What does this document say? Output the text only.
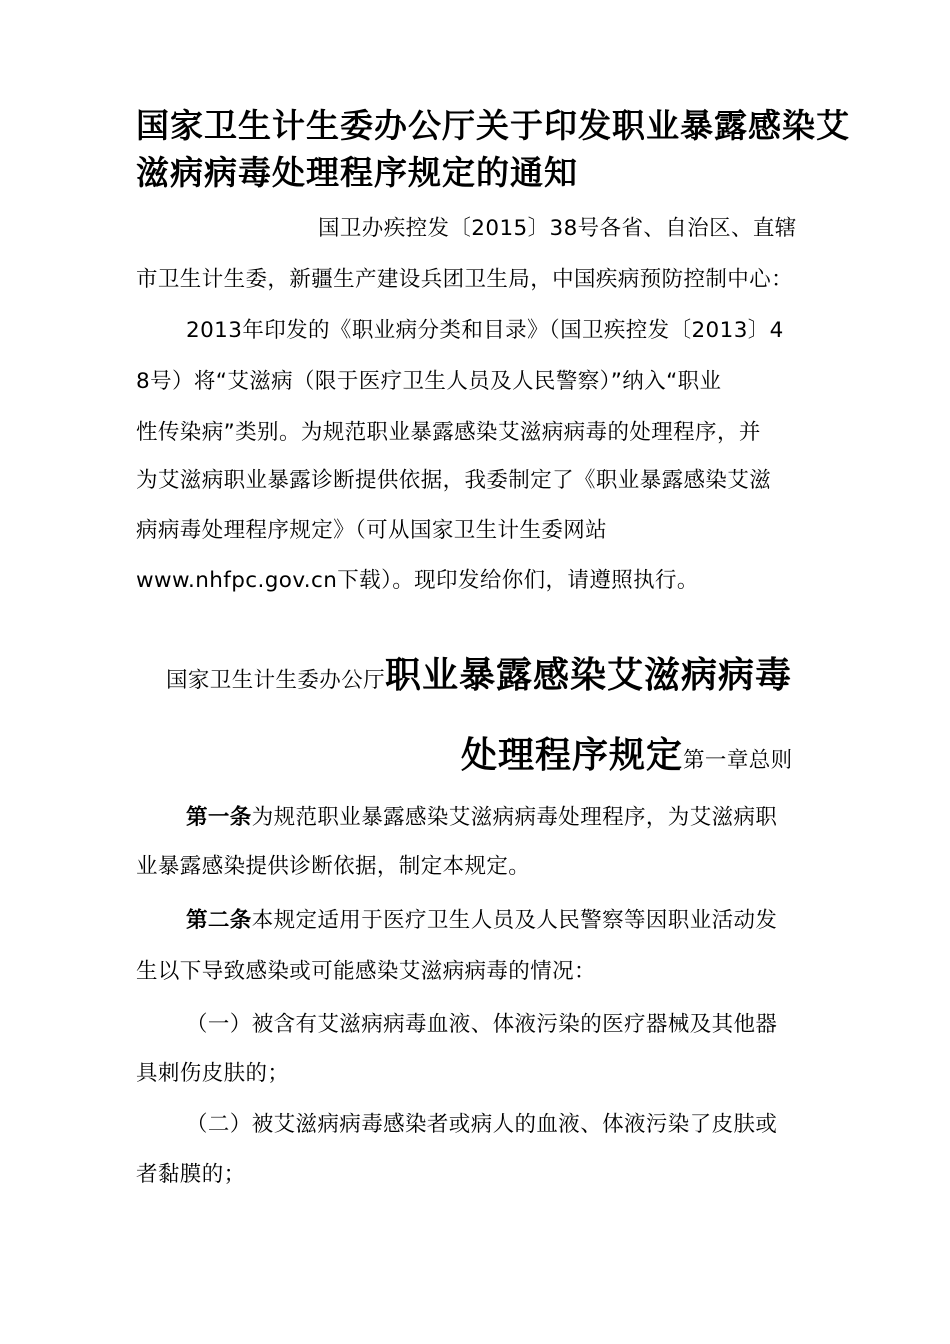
国家卫生计生委办公厅关于印发职业暴露感染艾
滋病病毒处理程序规定的通知
国卫办疾控发〔2015〕38号各省、自治区、直辖
市卫生计生委，新疆生产建设兵团卫生局，中国疾病预防控制中心：
2013年印发的《职业病分类和目录》（国卫疾控发〔2013〕4
8号）将“艾滋病（限于医疗卫生人员及人民警察）”纳入“职业
性传染病”类别。为规范职业暴露感染艾滋病病毒的处理程序，并
为艾滋病职业暴露诊断提供依据，我委制定了《职业暴露感染艾滋
病病毒处理程序规定》（可从国家卫生计生委网站
www.nhfpc.gov.cn下载）。现印发给你们，请遵照执行。
国家卫生计生委办公厅职业暴露感染艾滋病病毒
处理程序规定第一章总则
第一条为规范职业暴露感染艾滋病病毒处理程序，为艾滋病职
业暴露感染提供诊断依据，制定本规定。
第二条本规定适用于医疗卫生人员及人民警察等因职业活动发
生以下导致感染或可能感染艾滋病病毒的情况：
（一）被含有艾滋病病毒血液、体液污染的医疗器械及其他器
具刺伤皮肤的；
（二）被艾滋病病毒感染者或病人的血液、体液污染了皮肤或
者黏膜的；
